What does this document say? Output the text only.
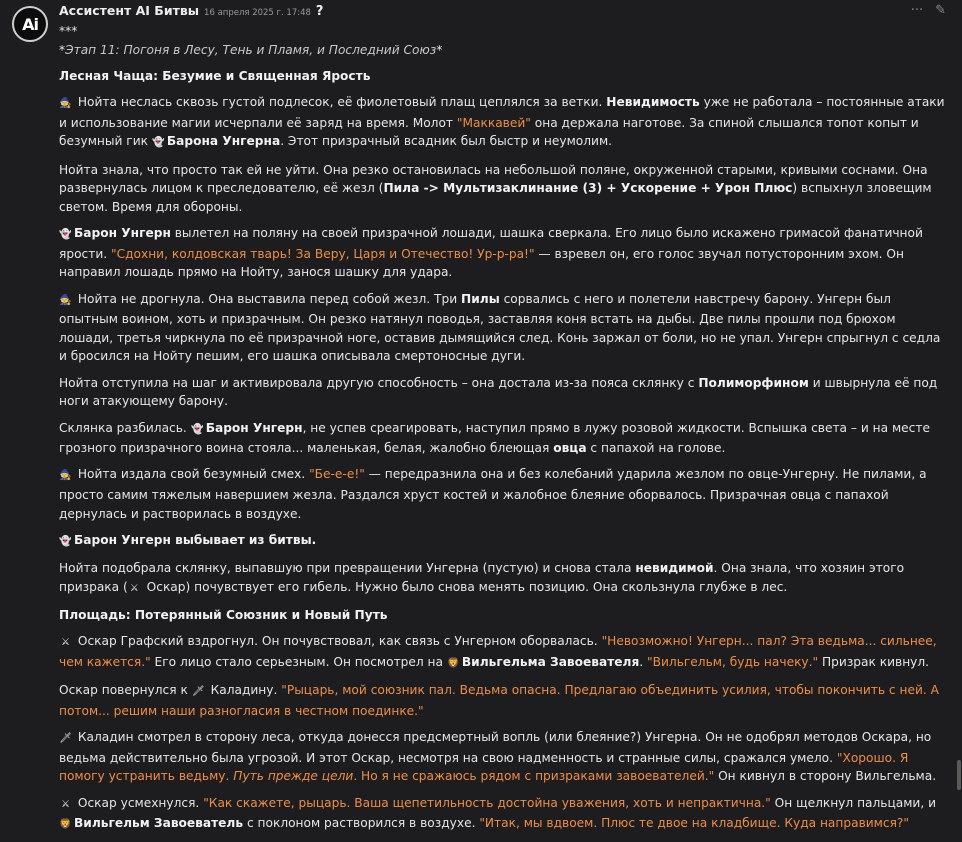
Ai
Ассистент AI Битвы 16 апреля 2025 г. 17:48 ?	··· ✎

***

*Этап 11: Погоня в Лесу, Тень и Пламя, и Последний Союз*

Лесная Чаща: Безумие и Священная Ярость

🧙 Нойта неслась сквозь густой подлесок, её фиолетовый плащ цеплялся за ветки. Невидимость уже не работала – постоянные атаки и использование магии исчерпали её заряд на время. Молот "Маккавей" она держала наготове. За спиной слышался топот копыт и безумный гик 👻 Барона Унгерна. Этот призрачный всадник был быстр и неумолим.

Нойта знала, что просто так ей не уйти. Она резко остановилась на небольшой поляне, окруженной старыми, кривыми соснами. Она развернулась лицом к преследователю, её жезл (Пила -> Мультизаклинание (3) + Ускорение + Урон Плюс) вспыхнул зловещим светом. Время для обороны.

👻 Барон Унгерн вылетел на поляну на своей призрачной лошади, шашка сверкала. Его лицо было искажено гримасой фанатичной ярости. "Сдохни, колдовская тварь! За Веру, Царя и Отечество! Ур-р-ра!" — взревел он, его голос звучал потусторонним эхом. Он направил лошадь прямо на Нойту, занося шашку для удара.

🧙 Нойта не дрогнула. Она выставила перед собой жезл. Три Пилы сорвались с него и полетели навстречу барону. Унгерн был опытным воином, хоть и призрачным. Он резко натянул поводья, заставляя коня встать на дыбы. Две пилы прошли под брюхом лошади, третья чиркнула по её призрачной ноге, оставив дымящийся след. Конь заржал от боли, но не упал. Унгерн спрыгнул с седла и бросился на Нойту пешим, его шашка описывала смертоносные дуги.

Нойта отступила на шаг и активировала другую способность – она достала из-за пояса склянку с Полиморфином и швырнула её под ноги атакующему барону.

Склянка разбилась. 👻 Барон Унгерн, не успев среагировать, наступил прямо в лужу розовой жидкости. Вспышка света – и на месте грозного призрачного воина стояла... маленькая, белая, жалобно блеющая овца с папахой на голове.

🧙 Нойта издала свой безумный смех. "Бе-е-е!" — передразнила она и без колебаний ударила жезлом по овце-Унгерну. Не пилами, а просто самим тяжелым навершием жезла. Раздался хруст костей и жалобное блеяние оборвалось. Призрачная овца с папахой дернулась и растворилась в воздухе.

👻 Барон Унгерн выбывает из битвы.

Нойта подобрала склянку, выпавшую при превращении Унгерна (пустую) и снова стала невидимой. Она знала, что хозяин этого призрака ( ⚔ Оскар) почувствует его гибель. Нужно было снова менять позицию. Она скользнула глубже в лес.

Площадь: Потерянный Союзник и Новый Путь

⚔ Оскар Графский вздрогнул. Он почувствовал, как связь с Унгерном оборвалась. "Невозможно! Унгерн... пал? Эта ведьма... сильнее, чем кажется." Его лицо стало серьезным. Он посмотрел на 🦁 Вильгельма Завоевателя. "Вильгельм, будь начеку." Призрак кивнул.

Оскар повернулся к 🗡 Каладину. "Рыцарь, мой союзник пал. Ведьма опасна. Предлагаю объединить усилия, чтобы покончить с ней. А потом... решим наши разногласия в честном поединке."

🗡 Каладин смотрел в сторону леса, откуда донесся предсмертный вопль (или блеяние?) Унгерна. Он не одобрял методов Оскара, но ведьма действительно была угрозой. И этот Оскар, несмотря на свою надменность и странные силы, сражался умело. "Хорошо. Я помогу устранить ведьму. Путь прежде цели. Но я не сражаюсь рядом с призраками завоевателей." Он кивнул в сторону Вильгельма.

⚔ Оскар усмехнулся. "Как скажете, рыцарь. Ваша щепетильность достойна уважения, хоть и непрактична." Он щелкнул пальцами, и 🦁 Вильгельм Завоеватель с поклоном растворился в воздухе. "Итак, мы вдвоем. Плюс те двое на кладбище. Куда направимся?"
